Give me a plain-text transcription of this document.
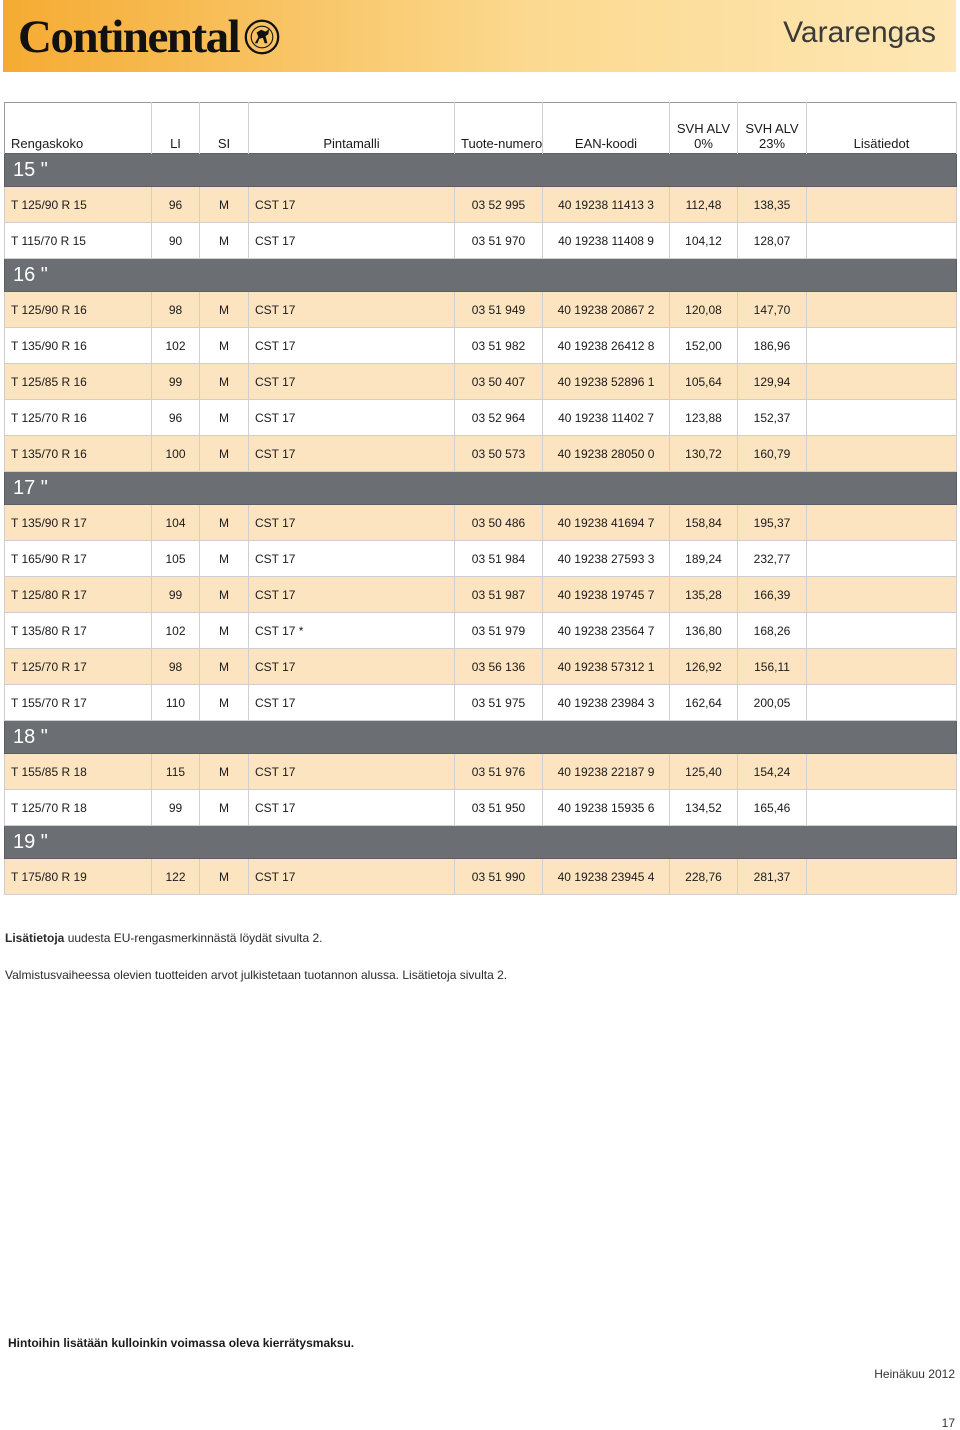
Continental	Vararengas
Rengaskoko	LI	SI	Pintamalli	Tuote-numero	EAN-koodi	SVH ALV 0%	SVH ALV 23%	Lisätiedot
15 "								
T 125/90 R 15	96	M	CST 17	03 52 995	40 19238 11413 3	112,48	138,35	
T 115/70 R 15	90	M	CST 17	03 51 970	40 19238 11408 9	104,12	128,07	
16 "								
T 125/90 R 16	98	M	CST 17	03 51 949	40 19238 20867 2	120,08	147,70	
T 135/90 R 16	102	M	CST 17	03 51 982	40 19238 26412 8	152,00	186,96	
T 125/85 R 16	99	M	CST 17	03 50 407	40 19238 52896 1	105,64	129,94	
T 125/70 R 16	96	M	CST 17	03 52 964	40 19238 11402 7	123,88	152,37	
T 135/70 R 16	100	M	CST 17	03 50 573	40 19238 28050 0	130,72	160,79	
17 "								
T 135/90 R 17	104	M	CST 17	03 50 486	40 19238 41694 7	158,84	195,37	
T 165/90 R 17	105	M	CST 17	03 51 984	40 19238 27593 3	189,24	232,77	
T 125/80 R 17	99	M	CST 17	03 51 987	40 19238 19745 7	135,28	166,39	
T 135/80 R 17	102	M	CST 17 *	03 51 979	40 19238 23564 7	136,80	168,26	
T 125/70 R 17	98	M	CST 17	03 56 136	40 19238 57312 1	126,92	156,11	
T 155/70 R 17	110	M	CST 17	03 51 975	40 19238 23984 3	162,64	200,05	
18 "								
T 155/85 R 18	115	M	CST 17	03 51 976	40 19238 22187 9	125,40	154,24	
T 125/70 R 18	99	M	CST 17	03 51 950	40 19238 15935 6	134,52	165,46	
19 "								
T 175/80 R 19	122	M	CST 17	03 51 990	40 19238 23945 4	228,76	281,37	
Lisätietoja uudesta EU-rengasmerkinnästä löydät sivulta 2.
Valmistusvaiheessa olevien tuotteiden arvot julkistetaan tuotannon alussa. Lisätietoja sivulta 2.
Hintoihin lisätään kulloinkin voimassa oleva kierrätysmaksu.
Heinäkuu 2012
17
